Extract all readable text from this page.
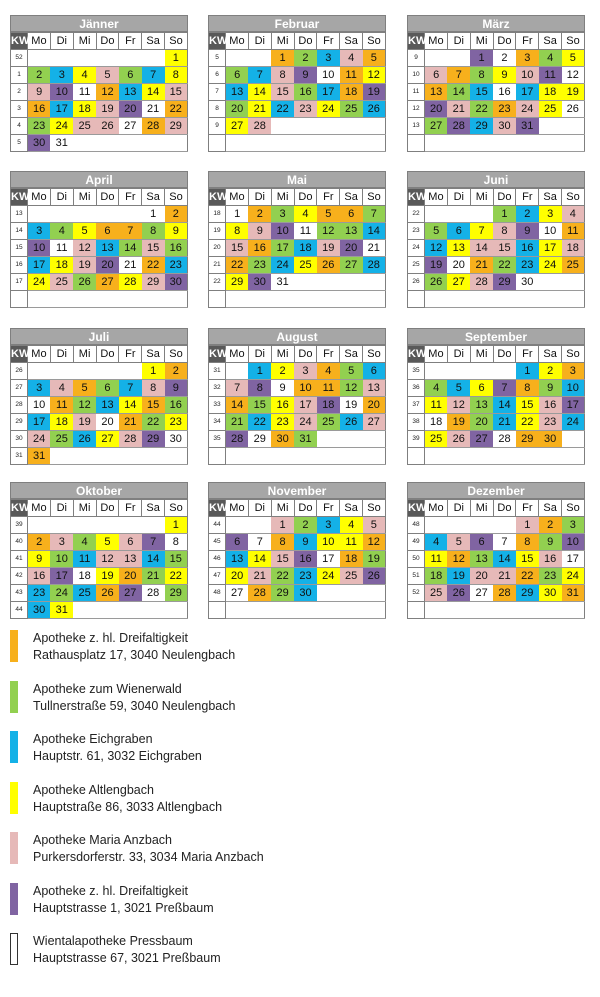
Jänner
KW	Mo	Di	Mi	Do	Fr	Sa	So
52							1
1	2	3	4	5	6	7	8
2	9	10	11	12	13	14	15
3	16	17	18	19	20	21	22
4	23	24	25	26	27	28	29
5	30	31					
Februar
KW	Mo	Di	Mi	Do	Fr	Sa	So
5			1	2	3	4	5
6	6	7	8	9	10	11	12
7	13	14	15	16	17	18	19
8	20	21	22	23	24	25	26
9	27	28					

März
KW	Mo	Di	Mi	Do	Fr	Sa	So
9			1	2	3	4	5
10	6	7	8	9	10	11	12
11	13	14	15	16	17	18	19
12	20	21	22	23	24	25	26
13	27	28	29	30	31		

April
KW	Mo	Di	Mi	Do	Fr	Sa	So
13						1	2
14	3	4	5	6	7	8	9
15	10	11	12	13	14	15	16
16	17	18	19	20	21	22	23
17	24	25	26	27	28	29	30

Mai
KW	Mo	Di	Mi	Do	Fr	Sa	So
18	1	2	3	4	5	6	7
19	8	9	10	11	12	13	14
20	15	16	17	18	19	20	21
21	22	23	24	25	26	27	28
22	29	30	31				

Juni
KW	Mo	Di	Mi	Do	Fr	Sa	So
22				1	2	3	4
23	5	6	7	8	9	10	11
24	12	13	14	15	16	17	18
25	19	20	21	22	23	24	25
26	26	27	28	29	30		

Juli
KW	Mo	Di	Mi	Do	Fr	Sa	So
26						1	2
27	3	4	5	6	7	8	9
28	10	11	12	13	14	15	16
29	17	18	19	20	21	22	23
30	24	25	26	27	28	29	30
31	31						
August
KW	Mo	Di	Mi	Do	Fr	Sa	So
31		1	2	3	4	5	6
32	7	8	9	10	11	12	13
33	14	15	16	17	18	19	20
34	21	22	23	24	25	26	27
35	28	29	30	31			

September
KW	Mo	Di	Mi	Do	Fr	Sa	So
35					1	2	3
36	4	5	6	7	8	9	10
37	11	12	13	14	15	16	17
38	18	19	20	21	22	23	24
39	25	26	27	28	29	30	

Oktober
KW	Mo	Di	Mi	Do	Fr	Sa	So
39							1
40	2	3	4	5	6	7	8
41	9	10	11	12	13	14	15
42	16	17	18	19	20	21	22
43	23	24	25	26	27	28	29
44	30	31					
November
KW	Mo	Di	Mi	Do	Fr	Sa	So
44			1	2	3	4	5
45	6	7	8	9	10	11	12
46	13	14	15	16	17	18	19
47	20	21	22	23	24	25	26
48	27	28	29	30			

Dezember
KW	Mo	Di	Mi	Do	Fr	Sa	So
48					1	2	3
49	4	5	6	7	8	9	10
50	11	12	13	14	15	16	17
51	18	19	20	21	22	23	24
52	25	26	27	28	29	30	31

Apotheke z. hl. Dreifaltigkeit
Rathausplatz 17, 3040 Neulengbach
Apotheke zum Wienerwald
Tullnerstraße 59, 3040 Neulengbach
Apotheke Eichgraben
Hauptstr. 61, 3032 Eichgraben
Apotheke Altlengbach
Hauptstraße 86, 3033 Altlengbach
Apotheke Maria Anzbach
Purkersdorferstr. 33, 3034 Maria Anzbach
Apotheke z. hl. Dreifaltigkeit
Hauptstrasse 1, 3021 Preßbaum
Wientalapotheke Pressbaum
Hauptstrasse 67, 3021 Preßbaum
